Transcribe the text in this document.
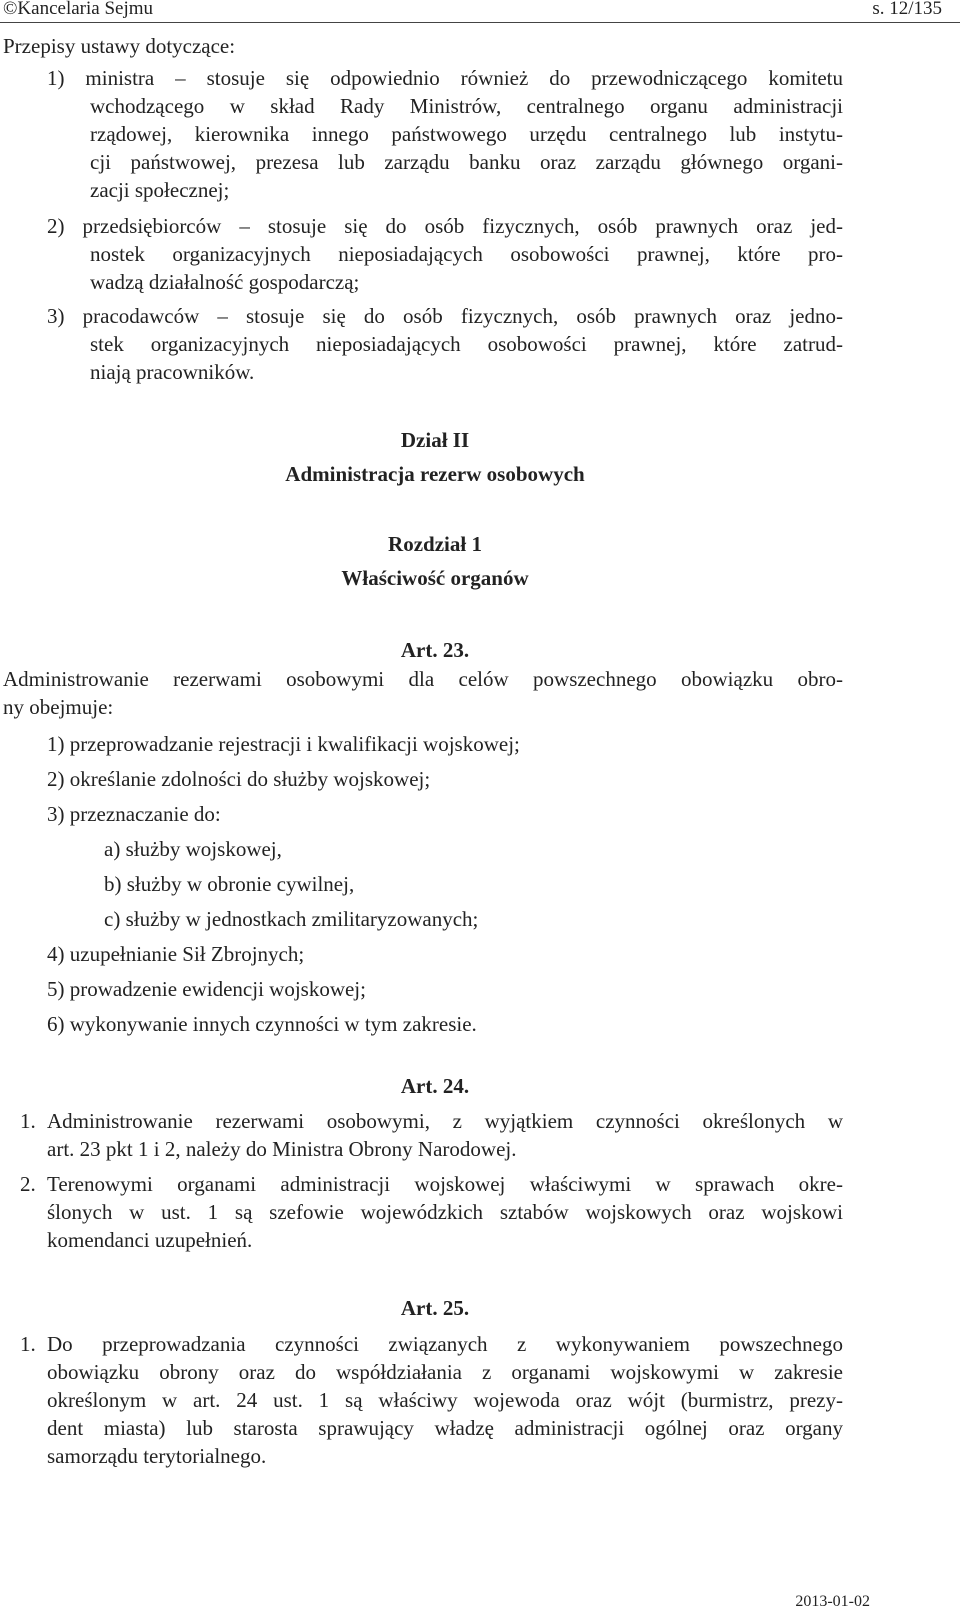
©Kancelaria Sejmu	s. 12/135
Przepisy ustawy dotyczące:
1) ministra – stosuje się odpowiednio również do przewodniczącego komitetu
wchodzącego w skład Rady Ministrów, centralnego organu administracji
rządowej, kierownika innego państwowego urzędu centralnego lub instytu-
cji państwowej, prezesa lub zarządu banku oraz zarządu głównego organi-
zacji społecznej;
2) przedsiębiorców – stosuje się do osób fizycznych, osób prawnych oraz jed-
nostek organizacyjnych nieposiadających osobowości prawnej, które pro-
wadzą działalność gospodarczą;
3) pracodawców – stosuje się do osób fizycznych, osób prawnych oraz jedno-
stek organizacyjnych nieposiadających osobowości prawnej, które zatrud-
niają pracowników.
Dział II
Administracja rezerw osobowych
Rozdział 1
Właściwość organów
Art. 23.
Administrowanie rezerwami osobowymi dla celów powszechnego obowiązku obro-
ny obejmuje:
1) przeprowadzanie rejestracji i kwalifikacji wojskowej;
2) określanie zdolności do służby wojskowej;
3) przeznaczanie do:
a) służby wojskowej,
b) służby w obronie cywilnej,
c) służby w jednostkach zmilitaryzowanych;
4) uzupełnianie Sił Zbrojnych;
5) prowadzenie ewidencji wojskowej;
6) wykonywanie innych czynności w tym zakresie.
Art. 24.
1. Administrowanie rezerwami osobowymi, z wyjątkiem czynności określonych w
art. 23 pkt 1 i 2, należy do Ministra Obrony Narodowej.
2. Terenowymi organami administracji wojskowej właściwymi w sprawach okre-
ślonych w ust. 1 są szefowie wojewódzkich sztabów wojskowych oraz wojskowi
komendanci uzupełnień.
Art. 25.
1. Do przeprowadzania czynności związanych z wykonywaniem powszechnego
obowiązku obrony oraz do współdziałania z organami wojskowymi w zakresie
określonym w art. 24 ust. 1 są właściwy wojewoda oraz wójt (burmistrz, prezy-
dent miasta) lub starosta sprawujący władzę administracji ogólnej oraz organy
samorządu terytorialnego.
2013-01-02
